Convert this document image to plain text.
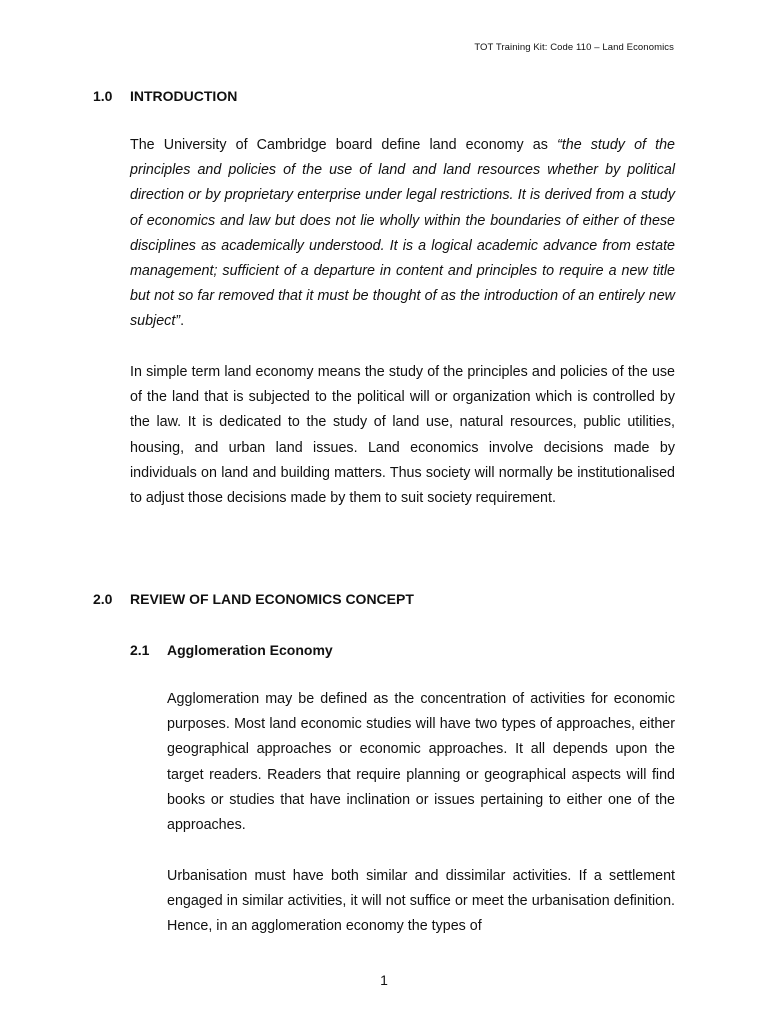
TOT Training Kit: Code 110 – Land Economics
1.0 INTRODUCTION

The University of Cambridge board define land economy as “the study of the principles and policies of the use of land and land resources whether by political direction or by proprietary enterprise under legal restrictions. It is derived from a study of economics and law but does not lie wholly within the boundaries of either of these disciplines as academically understood. It is a logical academic advance from estate management; sufficient of a departure in content and principles to require a new title but not so far removed that it must be thought of as the introduction of an entirely new subject”.

In simple term land economy means the study of the principles and policies of the use of the land that is subjected to the political will or organization which is controlled by the law. It is dedicated to the study of land use, natural resources, public utilities, housing, and urban land issues. Land economics involve decisions made by individuals on land and building matters. Thus society will normally be institutionalised to adjust those decisions made by them to suit society requirement.

2.0 REVIEW OF LAND ECONOMICS CONCEPT
2.1 Agglomeration Economy

Agglomeration may be defined as the concentration of activities for economic purposes. Most land economic studies will have two types of approaches, either geographical approaches or economic approaches. It all depends upon the target readers. Readers that require planning or geographical aspects will find books or studies that have inclination or issues pertaining to either one of the approaches.

Urbanisation must have both similar and dissimilar activities. If a settlement engaged in similar activities, it will not suffice or meet the urbanisation definition. Hence, in an agglomeration economy the types of

1
